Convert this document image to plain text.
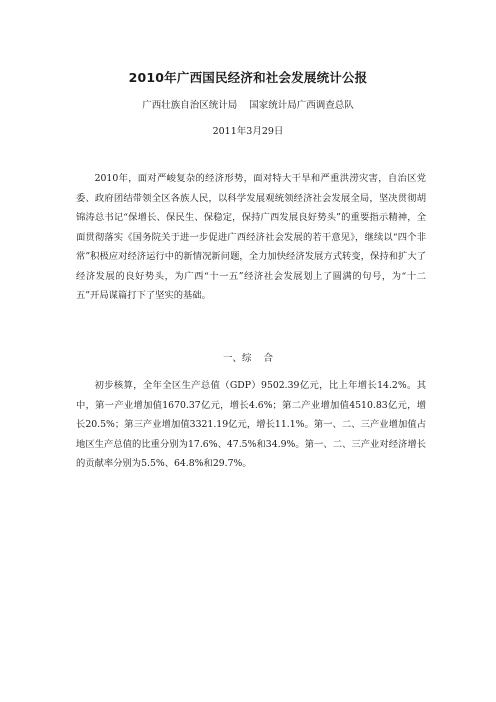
2010年广西国民经济和社会发展统计公报
广西壮族自治区统计局    国家统计局广西调查总队
2011年3月29日

2010年，面对严峻复杂的经济形势，面对特大干旱和严重洪涝灾害，自治区党委、政府团结带领全区各族人民，以科学发展观统领经济社会发展全局，坚决贯彻胡锦涛总书记“保增长、保民生、保稳定，保持广西发展良好势头”的重要指示精神，全面贯彻落实《国务院关于进一步促进广西经济社会发展的若干意见》，继续以“四个非常”积极应对经济运行中的新情况新问题，全力加快经济发展方式转变，保持和扩大了经济发展的良好势头，为广西“十一五”经济社会发展划上了圆满的句号，为“十二五”开局谋篇打下了坚实的基础。

一、综    合

初步核算，全年全区生产总值（GDP）9502.39亿元，比上年增长14.2%。其中，第一产业增加值1670.37亿元，增长4.6%；第二产业增加值4510.83亿元，增长20.5%；第三产业增加值3321.19亿元，增长11.1%。第一、二、三产业增加值占地区生产总值的比重分别为17.6%、47.5%和34.9%。第一、二、三产业对经济增长的贡献率分别为5.5%、64.8%和29.7%。
